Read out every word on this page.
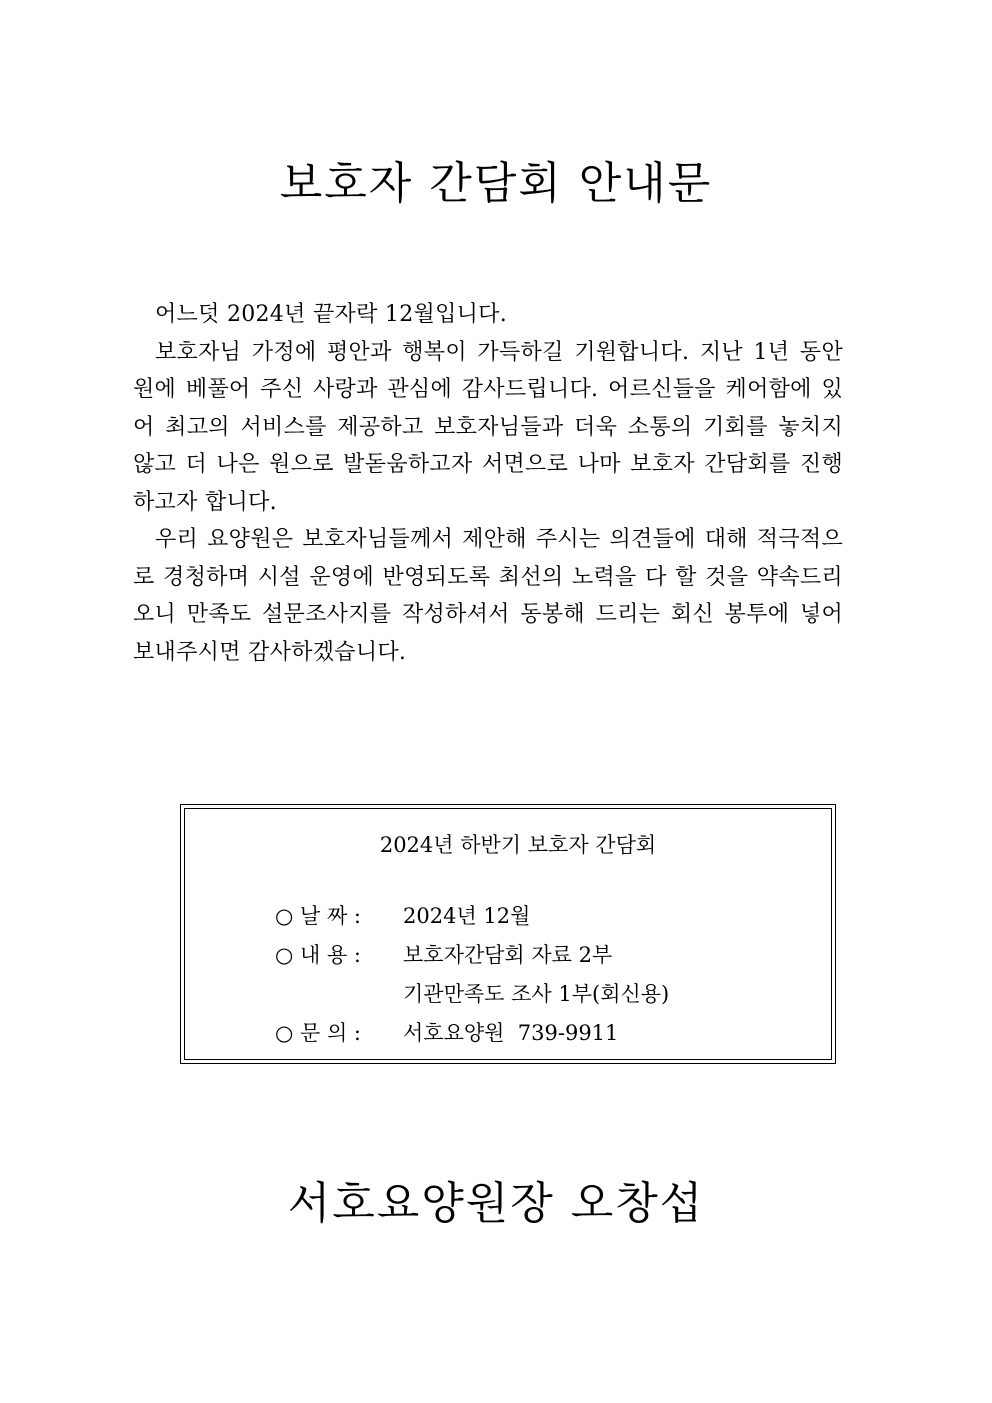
보호자 간담회 안내문

어느덧 2024년 끝자락 12월입니다.

보호자님 가정에 평안과 행복이 가득하길 기원합니다. 지난 1년 동안 원에 베풀어 주신 사랑과 관심에 감사드립니다. 어르신들을 케어함에 있어 최고의 서비스를 제공하고 보호자님들과 더욱 소통의 기회를 놓치지 않고 더 나은 원으로 발돋움하고자 서면으로 나마 보호자 간담회를 진행하고자 합니다.

우리 요양원은 보호자님들께서 제안해 주시는 의견들에 대해 적극적으로 경청하며 시설 운영에 반영되도록 최선의 노력을 다 할 것을 약속드리오니 만족도 설문조사지를 작성하셔서 동봉해 드리는 회신 봉투에 넣어 보내주시면 감사하겠습니다.

2024년 하반기 보호자 간담회
○ 날 짜 :	2024년 12월
○ 내 용 :	보호자간담회 자료 2부
기관만족도 조사 1부(회신용)
○ 문 의 :	서호요양원  739-9911
서호요양원장 오창섭
